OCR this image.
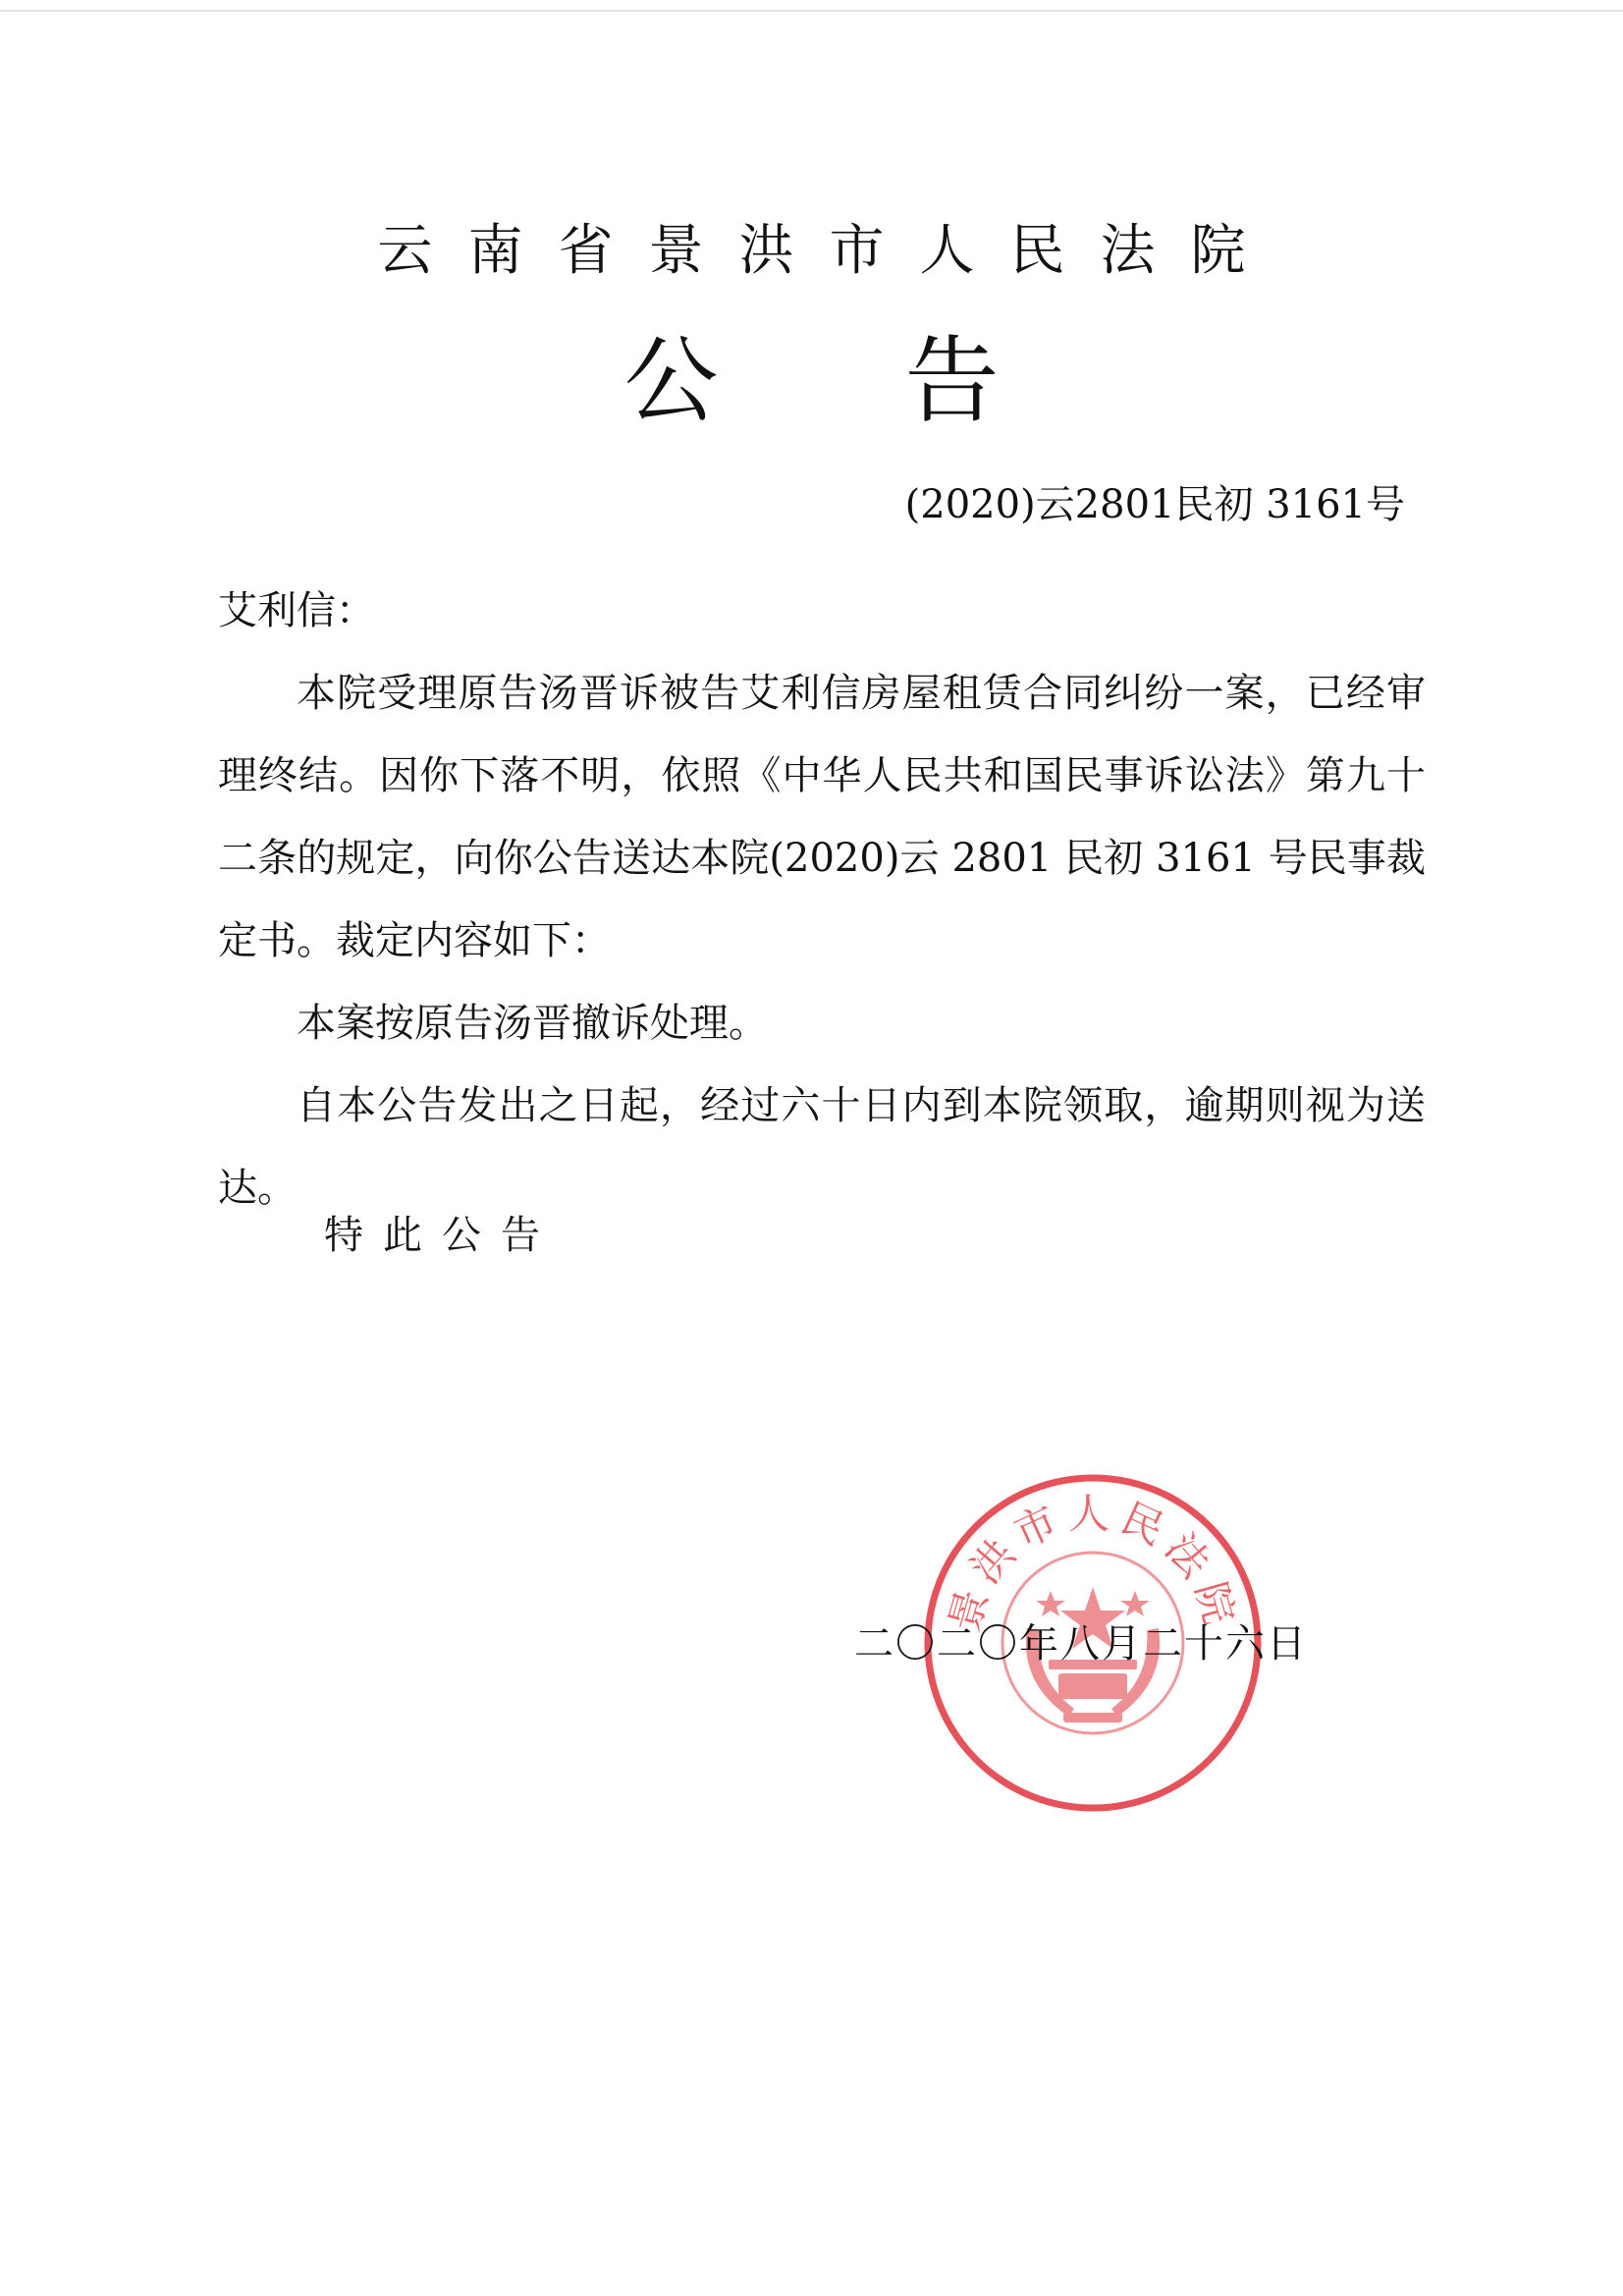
云南省景洪市人民法院
公 告
(2020)云2801民初 3161号

艾利信：

本院受理原告汤晋诉被告艾利信房屋租赁合同纠纷一案，已经审理终结。因你下落不明，依照《中华人民共和国民事诉讼法》第九十二条的规定，向你公告送达本院(2020)云 2801 民初 3161 号民事裁定书。裁定内容如下：

本案按原告汤晋撤诉处理。

自本公告发出之日起，经过六十日内到本院领取，逾期则视为送达。

特此公告
景洪市人民法院
二〇二〇年八月二十六日
